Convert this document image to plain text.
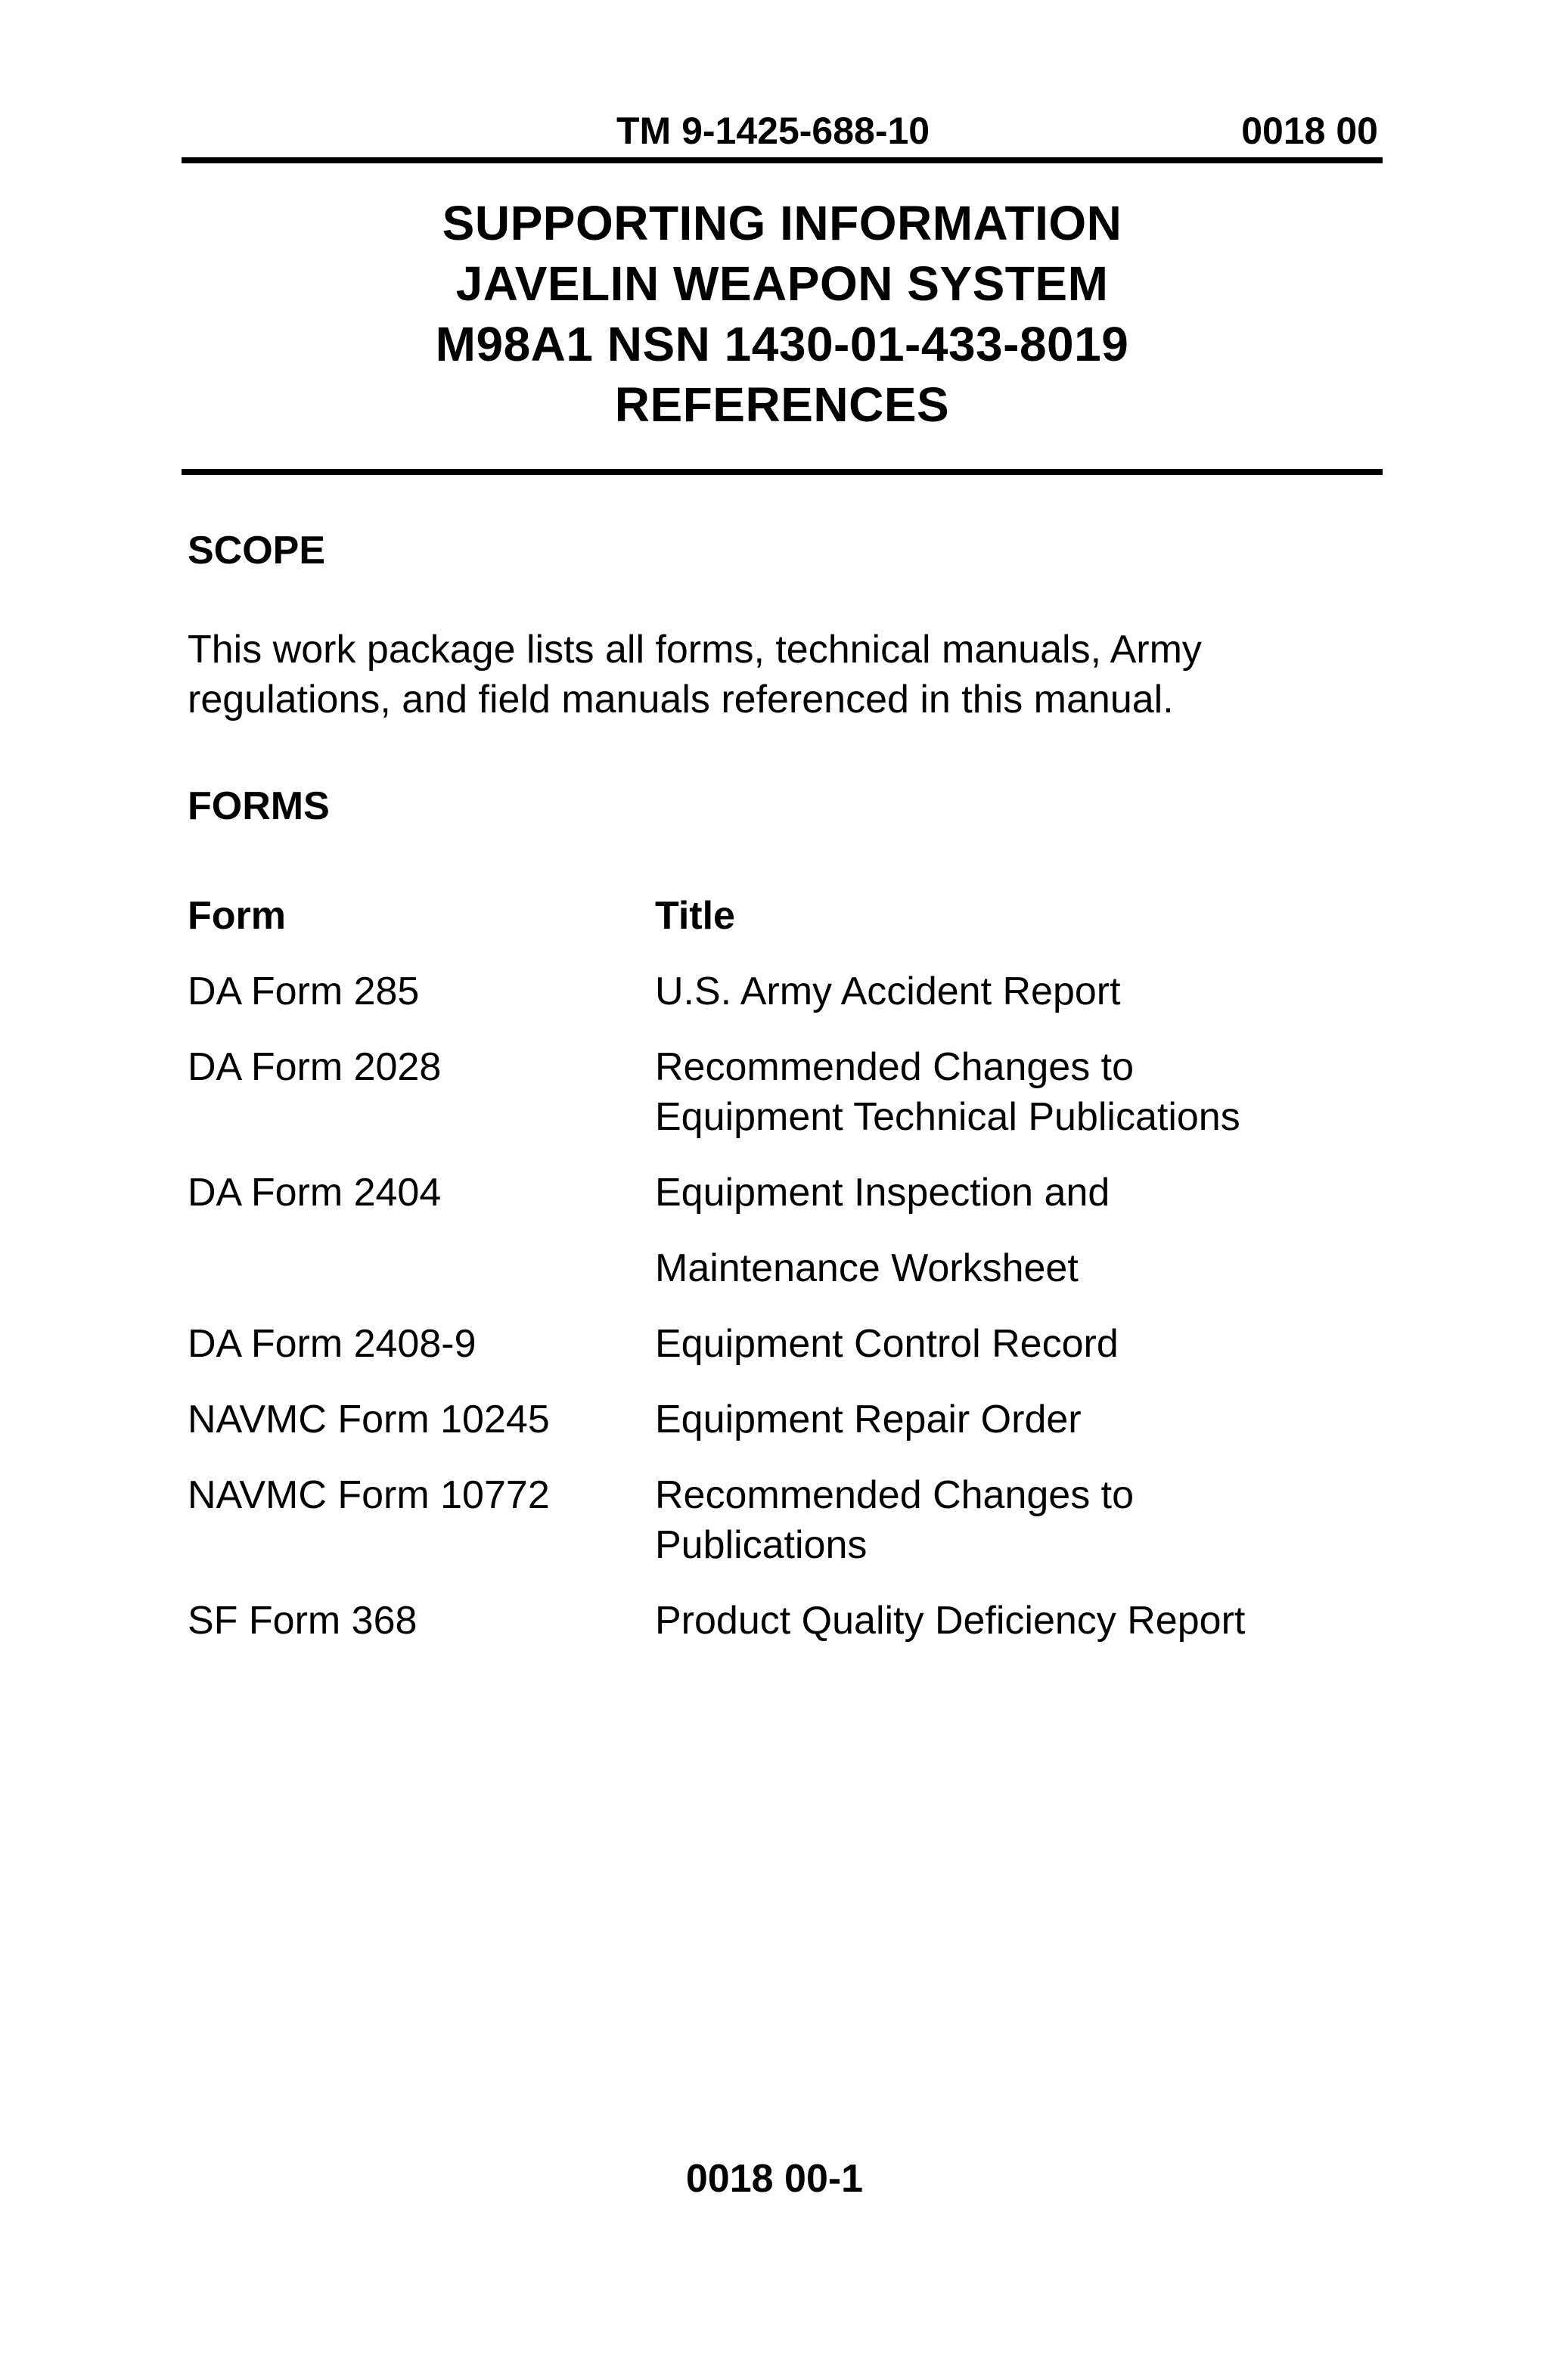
TM 9-1425-688-10	0018 00
SUPPORTING INFORMATION
JAVELIN WEAPON SYSTEM
M98A1 NSN 1430-01-433-8019
REFERENCES
SCOPE
This work package lists all forms, technical manuals, Army
regulations, and field manuals referenced in this manual.
FORMS
Form	Title
DA Form 285	U.S. Army Accident Report
DA Form 2028	Recommended Changes to
Equipment Technical Publications
DA Form 2404	Equipment Inspection and
Maintenance Worksheet
DA Form 2408-9	Equipment Control Record
NAVMC Form 10245	Equipment Repair Order
NAVMC Form 10772	Recommended Changes to
Publications
SF Form 368	Product Quality Deficiency Report
0018 00-1
